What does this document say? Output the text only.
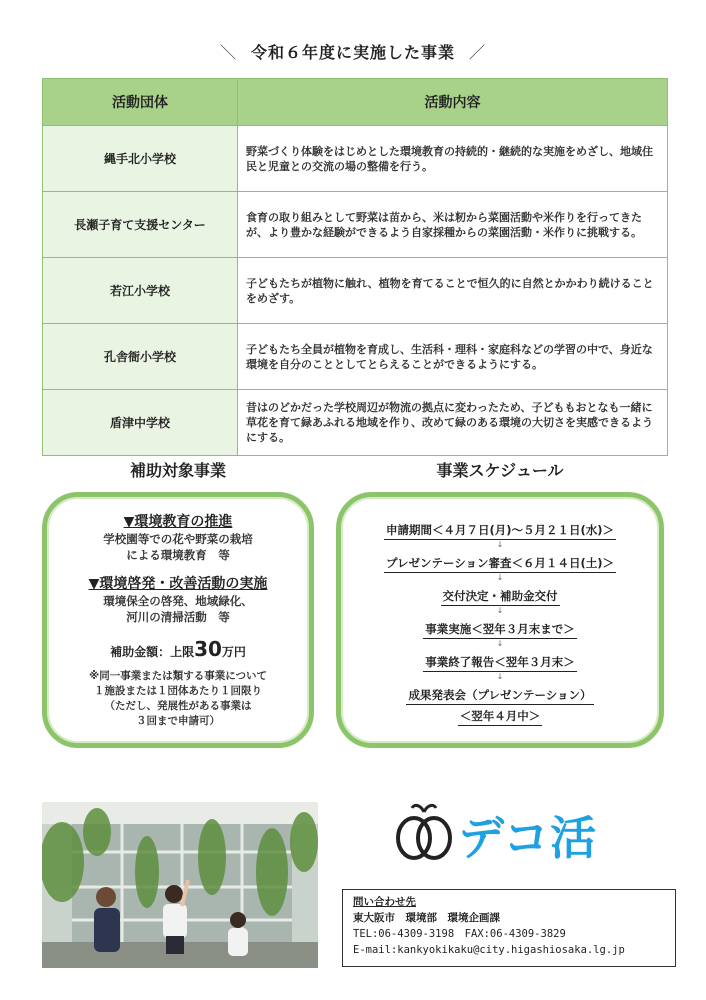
＼ 令和６年度に実施した事業 ／
活動団体	活動内容
縄手北小学校	野菜づくり体験をはじめとした環境教育の持続的・継続的な実施をめざし、地域住民と児童との交流の場の整備を行う。
長瀬子育て支援センター	食育の取り組みとして野菜は苗から、米は籾から菜園活動や米作りを行ってきたが、より豊かな経験ができるよう自家採種からの菜園活動・米作りに挑戦する。
若江小学校	子どもたちが植物に触れ、植物を育てることで恒久的に自然とかかわり続けることをめざす。
孔舎衙小学校	子どもたち全員が植物を育成し、生活科・理科・家庭科などの学習の中で、身近な環境を自分のこととしてとらえることができるようにする。
盾津中学校	昔はのどかだった学校周辺が物流の拠点に変わったため、子どももおとなも一緒に草花を育て緑あふれる地域を作り、改めて緑のある環境の大切さを実感できるようにする。
補助対象事業	事業スケジュール
▼環境教育の推進
学校園等での花や野菜の栽培
による環境教育　等
▼環境啓発・改善活動の実施
環境保全の啓発、地域緑化、
河川の清掃活動　等
補助金額：上限30万円
※同一事業または類する事業について
１施設または１団体あたり１回限り
（ただし、発展性がある事業は
３回まで申請可）
申請期間＜４月７日(月)～５月２１日(水)＞
↓
プレゼンテーション審査＜６月１４日(土)＞
↓
交付決定・補助金交付
↓
事業実施＜翌年３月末まで＞
↓
事業終了報告＜翌年３月末＞
↓
成果発表会（プレゼンテーション）
＜翌年４月中＞
デコ活
問い合わせ先
東大阪市　環境部　環境企画課
TEL:06-4309-3198　FAX:06-4309-3829
E-mail:kankyokikaku@city.higashiosaka.lg.jp
